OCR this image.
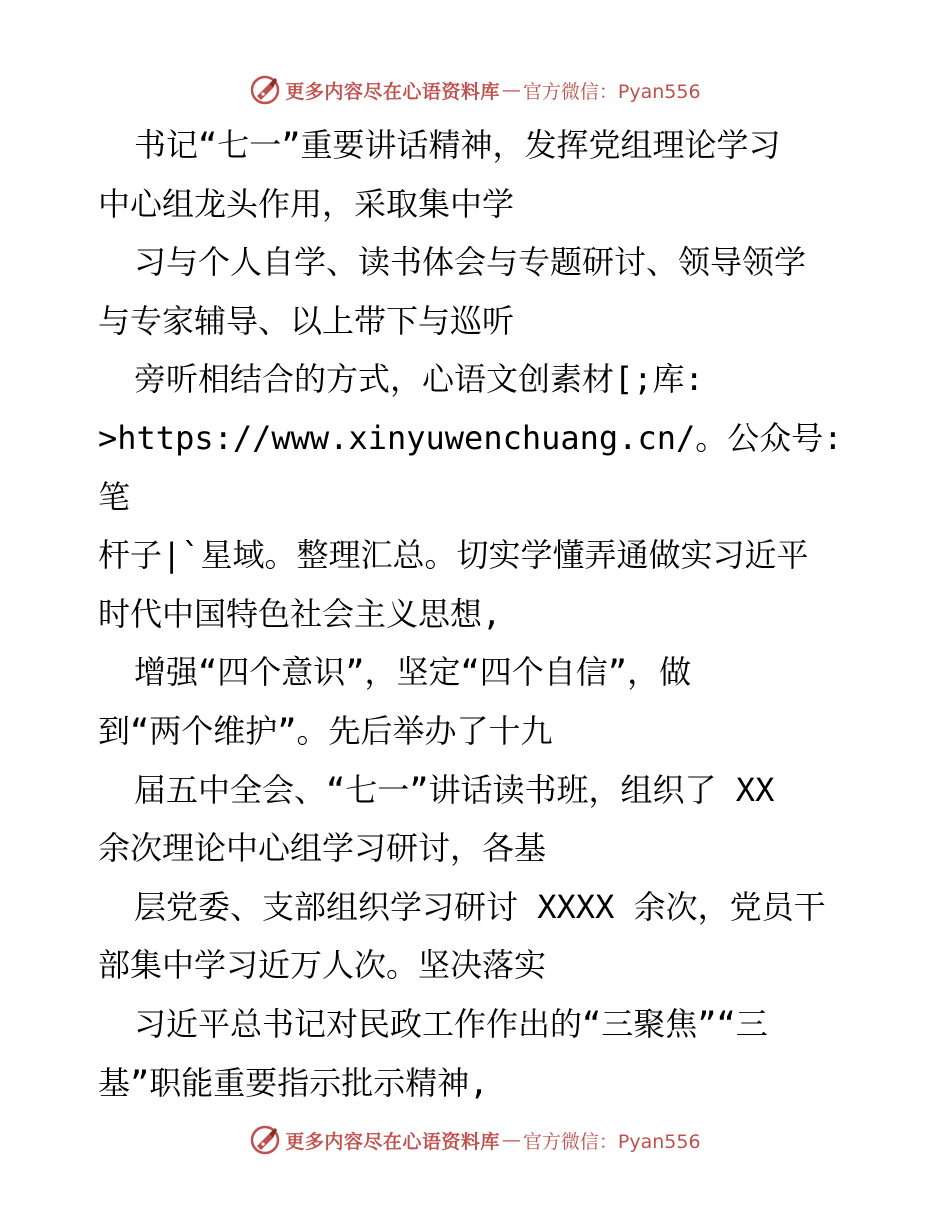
更多内容尽在心语资料库 — 官方微信：Pyan556

书记“七一”重要讲话精神，发挥党组理论学习

中心组龙头作用，采取集中学

习与个人自学、读书体会与专题研讨、领导领学

与专家辅导、以上带下与巡听

旁听相结合的方式，心语文创素材[;库:

>https://www.xinyuwenchuang.cn/。公众号: 笔

杆子|`星域。整理汇总。切实学懂弄通做实习近平

时代中国特色社会主义思想,

增强“四个意识”，坚定“四个自信”，做

到“两个维护”。先后举办了十九

届五中全会、“七一”讲话读书班，组织了 XX

余次理论中心组学习研讨，各基

层党委、支部组织学习研讨 XXXX 余次，党员干

部集中学习近万人次。坚决落实

习近平总书记对民政工作作出的“三聚焦”“三

基”职能重要指示批示精神,

更多内容尽在心语资料库 — 官方微信：Pyan556
